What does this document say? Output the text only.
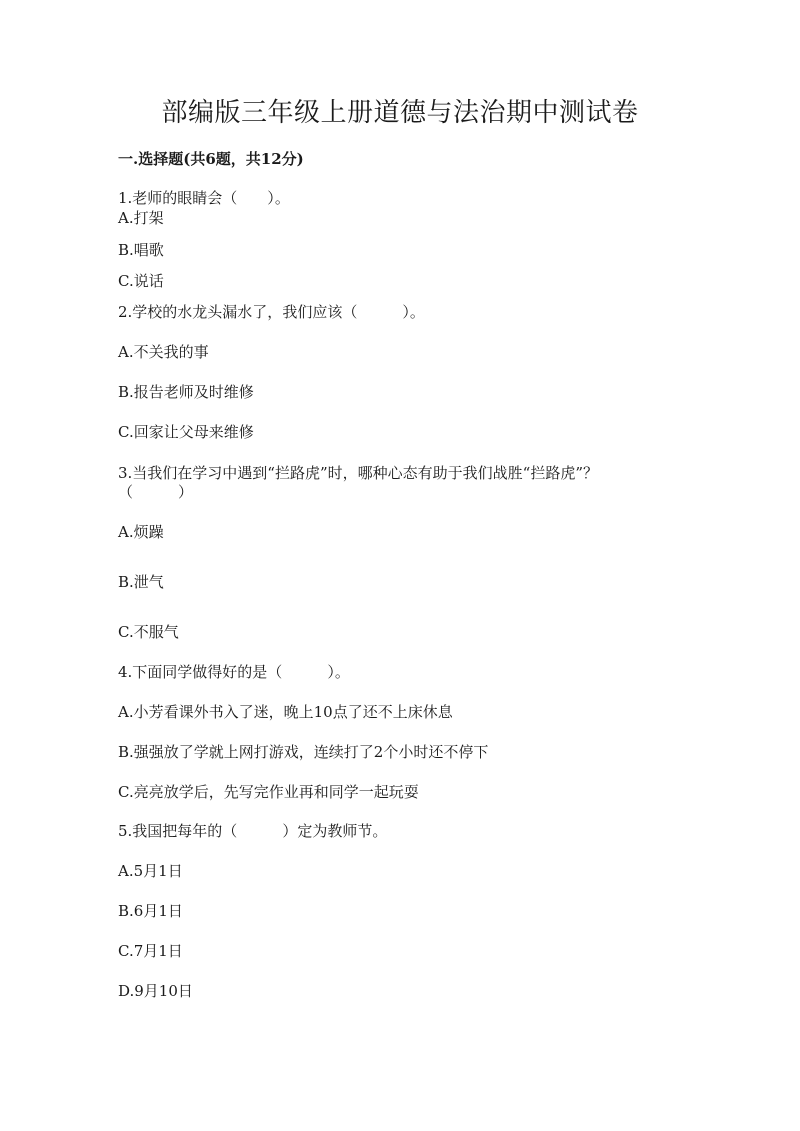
部编版三年级上册道德与法治期中测试卷
一.选择题(共6题，共12分)
1.老师的眼睛会（　　）。
A.打架
B.唱歌
C.说话
2.学校的水龙头漏水了，我们应该（　　　）。
A.不关我的事
B.报告老师及时维修
C.回家让父母来维修
3.当我们在学习中遇到“拦路虎”时，哪种心态有助于我们战胜“拦路虎”？
（　　　）
A.烦躁
B.泄气
C.不服气
4.下面同学做得好的是（　　　）。
A.小芳看课外书入了迷，晚上10点了还不上床休息
B.强强放了学就上网打游戏，连续打了2个小时还不停下
C.亮亮放学后，先写完作业再和同学一起玩耍
5.我国把每年的（　　　）定为教师节。
A.5月1日
B.6月1日
C.7月1日
D.9月10日
